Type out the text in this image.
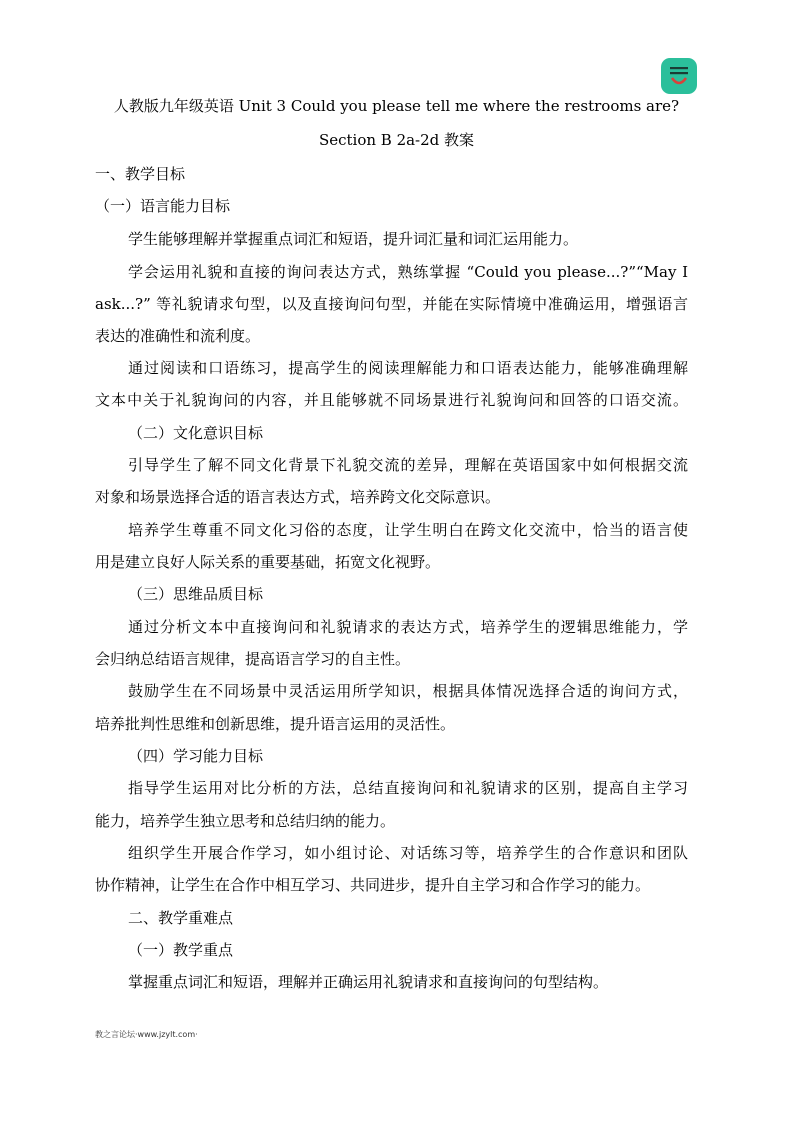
人教版九年级英语 Unit 3 Could you please tell me where the restrooms are?
Section B 2a-2d 教案
一、教学目标
（一）语言能力目标
学生能够理解并掌握重点词汇和短语，提升词汇量和词汇运用能力。
学会运用礼貌和直接的询问表达方式，熟练掌握 “Could you please...?”“May I
ask...?” 等礼貌请求句型，以及直接询问句型，并能在实际情境中准确运用，增强语言
表达的准确性和流利度。
通过阅读和口语练习，提高学生的阅读理解能力和口语表达能力，能够准确理解
文本中关于礼貌询问的内容，并且能够就不同场景进行礼貌询问和回答的口语交流。
（二）文化意识目标
引导学生了解不同文化背景下礼貌交流的差异，理解在英语国家中如何根据交流
对象和场景选择合适的语言表达方式，培养跨文化交际意识。
培养学生尊重不同文化习俗的态度，让学生明白在跨文化交流中，恰当的语言使
用是建立良好人际关系的重要基础，拓宽文化视野。
（三）思维品质目标
通过分析文本中直接询问和礼貌请求的表达方式，培养学生的逻辑思维能力，学
会归纳总结语言规律，提高语言学习的自主性。
鼓励学生在不同场景中灵活运用所学知识，根据具体情况选择合适的询问方式，
培养批判性思维和创新思维，提升语言运用的灵活性。
（四）学习能力目标
指导学生运用对比分析的方法，总结直接询问和礼貌请求的区别，提高自主学习
能力，培养学生独立思考和总结归纳的能力。
组织学生开展合作学习，如小组讨论、对话练习等，培养学生的合作意识和团队
协作精神，让学生在合作中相互学习、共同进步，提升自主学习和合作学习的能力。
二、教学重难点
（一）教学重点
掌握重点词汇和短语，理解并正确运用礼貌请求和直接询问的句型结构。
教之言论坛·www.jzylt.com·
